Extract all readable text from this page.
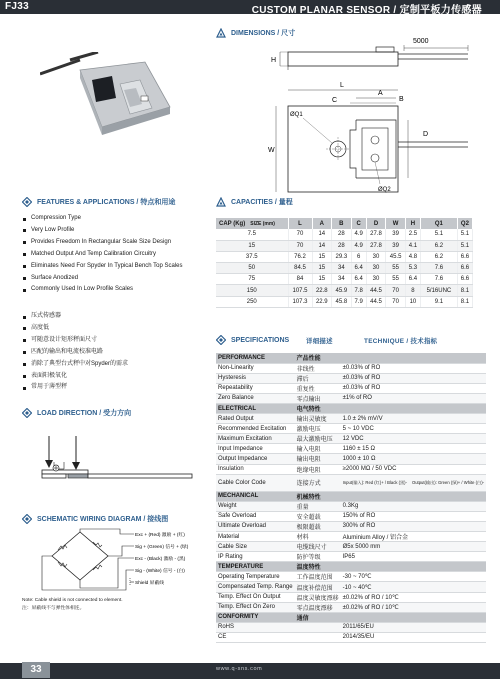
FJ33	CUSTOM PLANAR SENSOR / 定制平板力传感器
DIMENSIONS / 尺寸
5000
H
L
A
C	B
D
W
ØQ1
ØQ2
FEATURES & APPLICATIONS / 特点和用途
Compression Type
Very Low Profile
Provides Freedom In Rectangular Scale Size Design
Matched Output And Temp Calibration Circuitry
Eliminates Need For Spyder In Typical Bench Top Scales
Surface Anodized
Commonly Used In Low Profile Scales
压式传感器
高度低
可随意设计矩形秤面尺寸
匹配的输出和电流校准电路
消除了典型台式秤中对Spyder的需求
表面阳极氧化
常用于薄型秤
CAPACITIES / 量程
CAP (Kg) SIZE (mm)	L	A	B	C	D	W	H	Q1	Q2
7.5	70	14	28	4.9	27.8	39	2.5	5.1	5.1
15	70	14	28	4.9	27.8	39	4.1	6.2	5.1
37.5	76.2	15	29.3	6	30	45.5	4.8	6.2	6.6
50	84.5	15	34	6.4	30	55	5.3	7.6	6.6
75	84	15	34	6.4	30	55	6.4	7.6	6.6
150	107.5	22.8	45.9	7.8	44.5	70	8	5/16UNC	8.1
250	107.3	22.9	45.8	7.9	44.5	70	10	9.1	8.1
SPECIFICATIONS	详细描述	TECHNIQUE / 技术指标
PERFORMANCE	产品性能	
Non-Linearity	非线性	±0.03% of RO
Hysteresis	滞后	±0.03% of RO
Repeatability	重复性	±0.03% of RO
Zero Balance	零点输出	±1% of RO
ELECTRICAL	电气特性	
Rated Output	输出灵敏度	1.0 ± 2% mV/V
Recommended Excitation	激励电压	5 ~ 10 VDC
Maximum Excitation	最大激励电压	12 VDC
Input Impedance	输入电阻	1160 ± 15 Ω
Output Impedance	输出电阻	1000 ± 10 Ω
Insulation	绝缘电阻	≥2000 MΩ / 50 VDC
Cable Color Code	连接方式	Input(输入): Red (红)+ / Black (黑)- Output(输出): Green (绿)+ / White (白)-

MECHANICAL	机械特性	
Weight	重量	0.3Kg
Safe Overload	安全超载	150% of RO
Ultimate Overload	极限超载	300% of RO
Material	材料	Aluminium Alloy / 铝合金
Cable Size	电缆线尺寸	Ø5x 5000 mm
IP Rating	防护等级	IP65
TEMPERATURE	温度特性	
Operating Temperature	工作温度范围	-30 ~ 70℃
Compensated Temp. Range	温度补偿范围	-10 ~ 40℃
Temp. Effect On Output	温度灵敏度漂移	±0.02% of RO / 10℃
Temp. Effect On Zero	零点温度漂移	±0.02% of RO / 10℃
CONFORMITY	通信	
RoHS		2011/65/EU
CE		2014/35/EU
LOAD DIRECTION / 受力方向
SCHEMATIC WIRING DIAGRAM / 接线图
Exc + (Red) 激励 + (红)
Sig + (Green) 信号 + (绿)
Exc - (Black) 激励 - (黑)
Sig - (White) 信号 - (白)
Shield 屏蔽线
Note: Cable shield is not connected to element.
注：屏蔽线不与弹性体相连。
33	www.q-sns.com
